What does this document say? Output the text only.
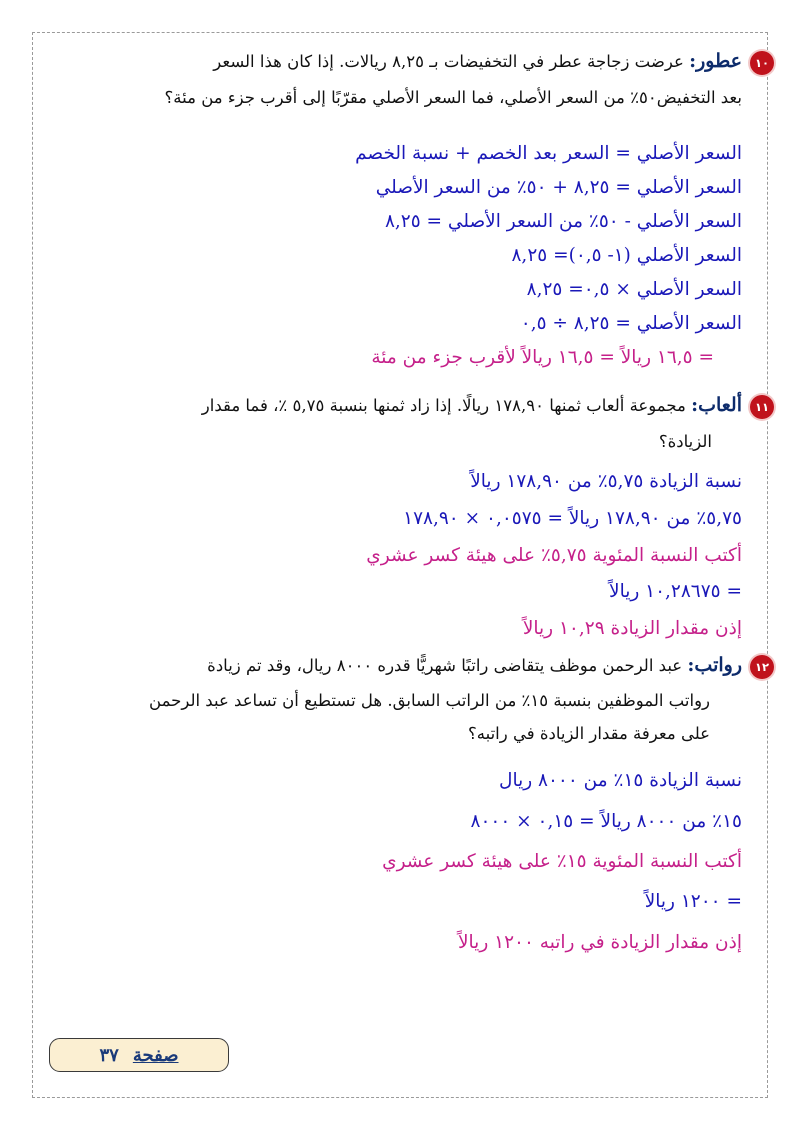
١٠
عطور: عرضت زجاجة عطر في التخفيضات بـ ٨,٢٥ ريالات. إذا كان هذا السعر
بعد التخفيض٥٠٪ من السعر الأصلي، فما السعر الأصلي مقرّبًا إلى أقرب جزء من مئة؟
السعر الأصلي = السعر بعد الخصم + نسبة الخصم
السعر الأصلي = ٨,٢٥ + ٥٠٪ من السعر الأصلي
السعر الأصلي - ٥٠٪ من السعر الأصلي = ٨,٢٥
السعر الأصلي (١- ٠,٥)= ٨,٢٥
السعر الأصلي × ٠,٥= ٨,٢٥
السعر الأصلي = ٨,٢٥ ÷ ٠,٥
= ١٦,٥ ريالاً = ١٦,٥ ريالاً لأقرب جزء من مئة
١١
ألعاب: مجموعة ألعاب ثمنها ١٧٨,٩٠ ريالًا. إذا زاد ثمنها بنسبة ٥,٧٥ ٪، فما مقدار
الزيادة؟
نسبة الزيادة ٥,٧٥٪ من ١٧٨,٩٠ ريالاً
٥,٧٥٪ من ١٧٨,٩٠ ريالاً = ٠,٠٥٧٥ × ١٧٨,٩٠
أكتب النسبة المئوية ٥,٧٥٪ على هيئة كسر عشري
= ١٠,٢٨٦٧٥ ريالاً
إذن مقدار الزيادة ١٠,٢٩ ريالاً
١٢
رواتب: عبد الرحمن موظف يتقاضى راتبًا شهريًّا قدره ٨٠٠٠ ريال، وقد تم زيادة
رواتب الموظفين بنسبة ١٥٪ من الراتب السابق. هل تستطيع أن تساعد عبد الرحمن
على معرفة مقدار الزيادة في راتبه؟
نسبة الزيادة ١٥٪ من ٨٠٠٠ ريال
١٥٪ من ٨٠٠٠ ريالاً = ٠,١٥ × ٨٠٠٠
أكتب النسبة المئوية ١٥٪ على هيئة كسر عشري
= ١٢٠٠ ريالاً
إذن مقدار الزيادة في راتبه ١٢٠٠ ريالاً
صفحة
٣٧
